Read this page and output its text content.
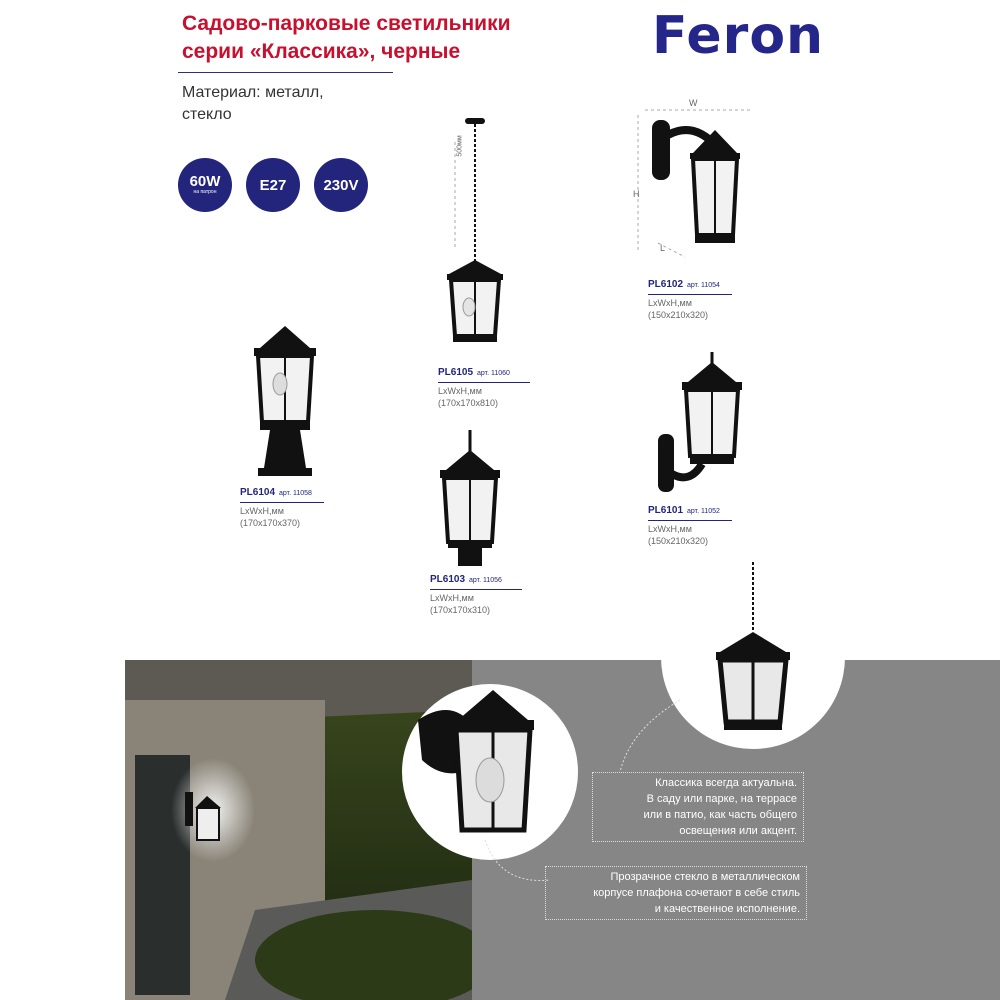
Садово-парковые светильники
серии «Классика», черные	Feron
Материал: металл,
стекло
60W
на патрон	E27 230V
500мм
W
H
L
PL6105 арт. 11060
LxWxH,мм
(170x170x810)
PL6102 арт. 11054
LxWxH,мм
(150x210x320)
PL6104 арт. 11058
LxWxH,мм
(170x170x370)
PL6101 арт. 11052
LxWxH,мм
(150x210x320)
PL6103 арт. 11056
LxWxH,мм
(170x170x310)
Классика всегда актуальна.
В саду или парке, на террасе
или в патио, как часть общего
освещения или акцент.
Прозрачное стекло в металлическом
корпусе плафона сочетают в себе стиль
и качественное исполнение.
